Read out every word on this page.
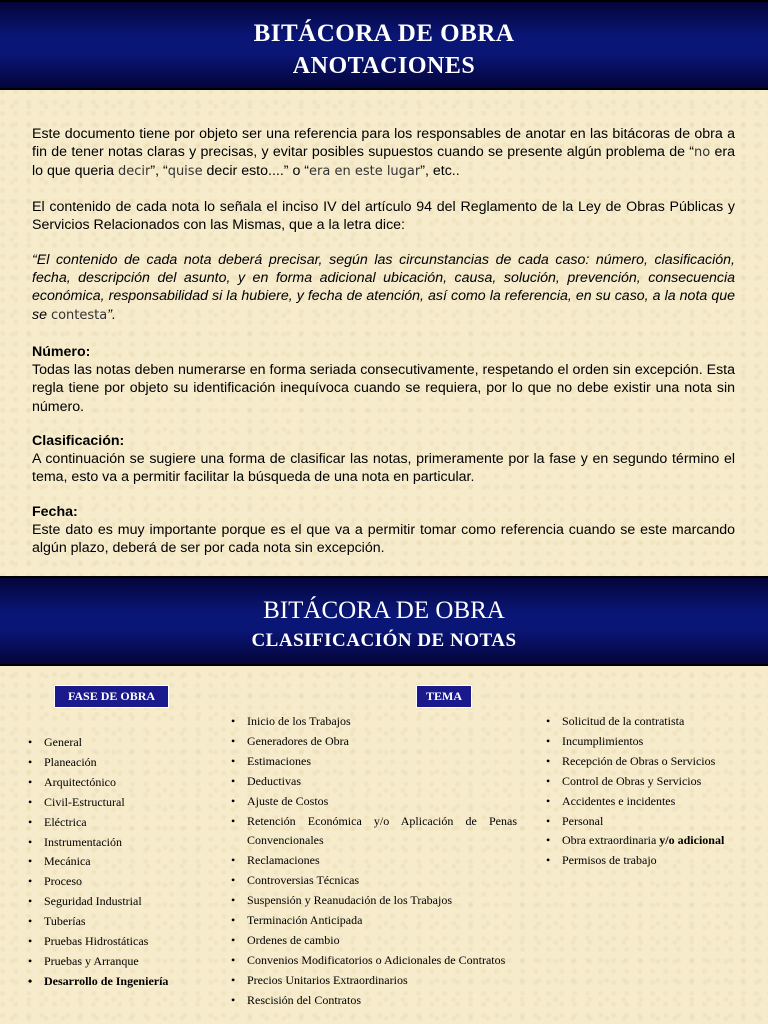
BITÁCORA DE OBRA
ANOTACIONES

Este documento tiene por objeto ser una referencia para los responsables de anotar en las bitácoras de obra a fin de tener notas claras y precisas, y evitar posibles supuestos cuando se presente algún problema de “no era lo que queria decir”, “quise decir esto....” o “era en este lugar”, etc..

El contenido de cada nota lo señala el inciso IV del artículo 94 del Reglamento de la Ley de Obras Públicas y Servicios Relacionados con las Mismas, que a la letra dice:

“El contenido de cada nota deberá precisar, según las circunstancias de cada caso: número, clasificación, fecha, descripción del asunto, y en forma adicional ubicación, causa, solución, prevención, consecuencia económica, responsabilidad si la hubiere, y fecha de atención, así como la referencia, en su caso, a la nota que se contesta”.

Número:

Todas las notas deben numerarse en forma seriada consecutivamente, respetando el orden sin excepción. Esta regla tiene por objeto su identificación inequívoca cuando se requiera, por lo que no debe existir una nota sin número.

Clasificación:

A continuación se sugiere una forma de clasificar las notas, primeramente por la fase y en segundo término el tema, esto va a permitir facilitar la búsqueda de una nota en particular.

Fecha:

Este dato es muy importante porque es el que va a permitir tomar como referencia cuando se este marcando algún plazo, deberá de ser por cada nota sin excepción.

BITÁCORA DE OBRA
CLASIFICACIÓN DE NOTAS
FASE DE OBRA	TEMA
• General
• Planeación
• Arquitectónico
• Civil-Estructural
• Eléctrica
• Instrumentación
• Mecánica
• Proceso
• Seguridad Industrial
• Tuberías
• Pruebas Hidrostáticas
• Pruebas y Arranque
• Desarrollo de Ingeniería
• Inicio de los Trabajos
• Generadores de Obra
• Estimaciones
• Deductivas
• Ajuste de Costos
• Retención Económica y/o Aplicación de Penas Convencionales
• Reclamaciones
• Controversias Técnicas
• Suspensión y Reanudación de los Trabajos
• Terminación Anticipada
• Ordenes de cambio
• Convenios Modificatorios o Adicionales de Contratos
• Precios Unitarios Extraordinarios
• Rescisión del Contratos
• Solicitud de la contratista
• Incumplimientos
• Recepción de Obras o Servicios
• Control de Obras y Servicios
• Accidentes e incidentes
• Personal
• Obra extraordinaria y/o adicional
• Permisos de trabajo
